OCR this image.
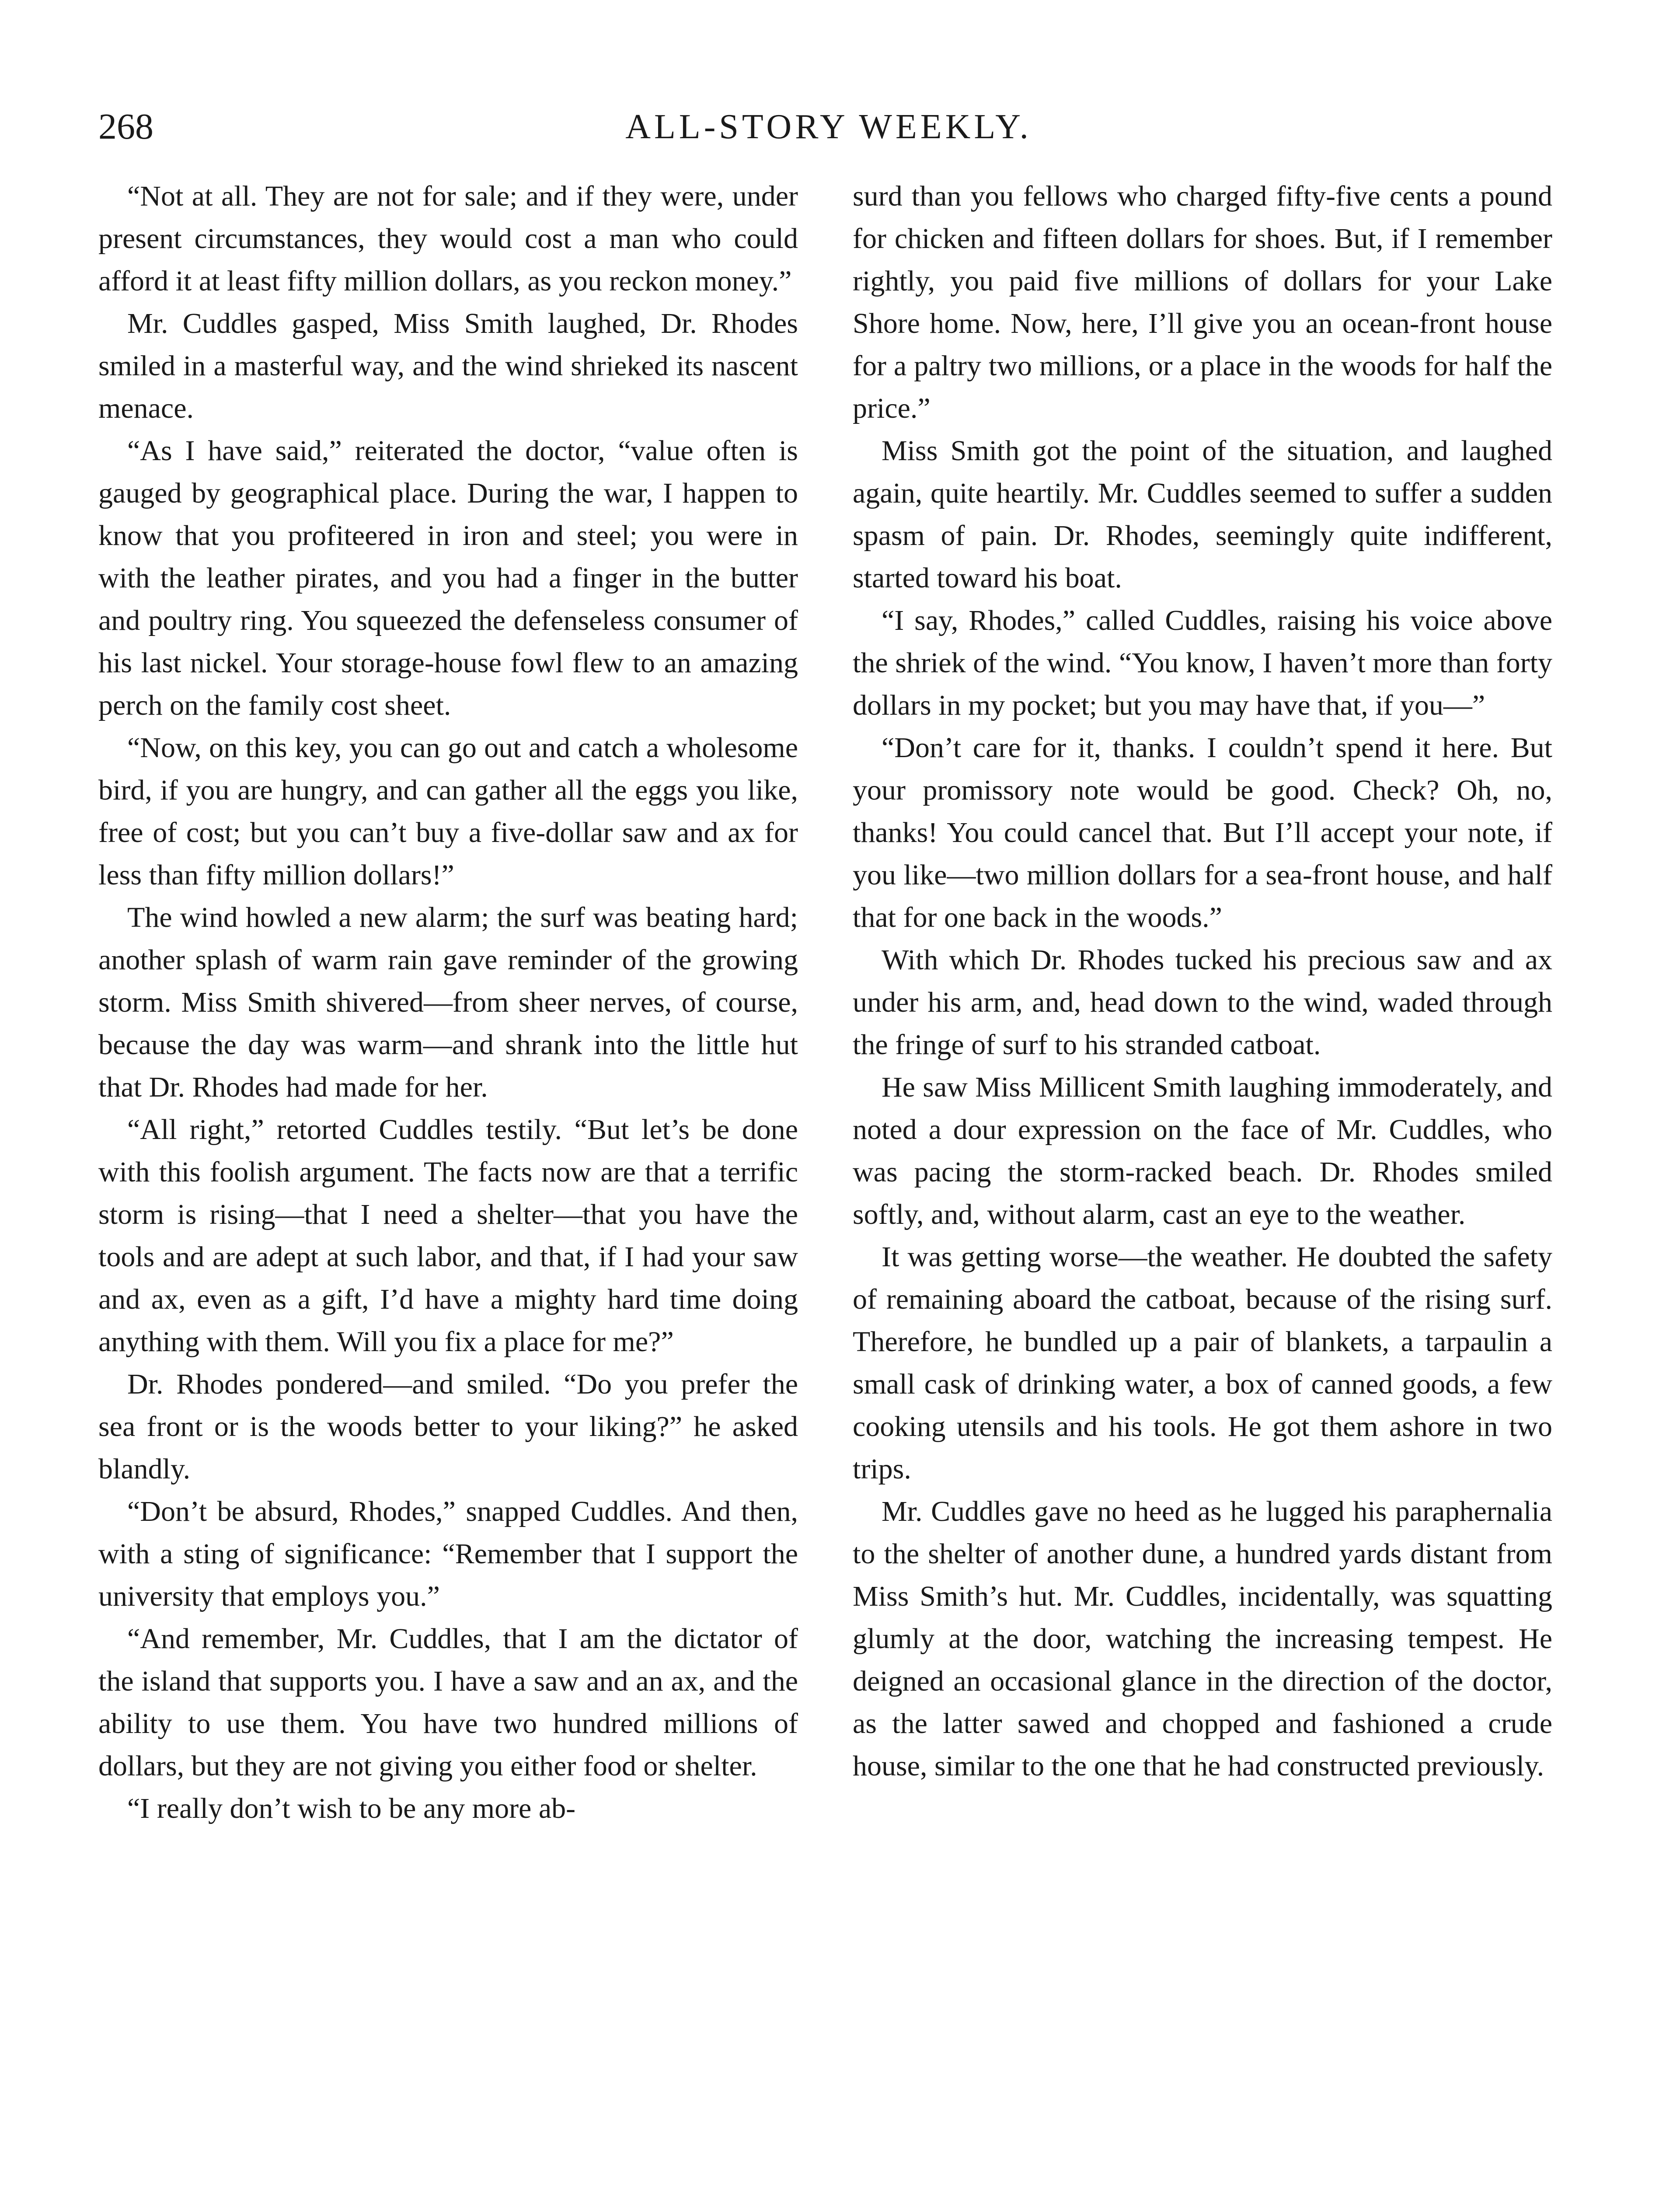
268	ALL-STORY WEEKLY.

“Not at all. They are not for sale; and if they were, under present circumstances, they would cost a man who could afford it at least fifty million dollars, as you reckon money.”

Mr. Cuddles gasped, Miss Smith laughed, Dr. Rhodes smiled in a masterful way, and the wind shrieked its nascent menace.

“As I have said,” reiterated the doctor, “value often is gauged by geographical place. During the war, I happen to know that you profiteered in iron and steel; you were in with the leather pirates, and you had a finger in the butter and poultry ring. You squeezed the defenseless consumer of his last nickel. Your storage-house fowl flew to an amazing perch on the family cost sheet.

“Now, on this key, you can go out and catch a wholesome bird, if you are hungry, and can gather all the eggs you like, free of cost; but you can’t buy a five-dollar saw and ax for less than fifty million dollars!”

The wind howled a new alarm; the surf was beating hard; another splash of warm rain gave reminder of the growing storm. Miss Smith shivered—from sheer nerves, of course, because the day was warm—and shrank into the little hut that Dr. Rhodes had made for her.

“All right,” retorted Cuddles testily. “But let’s be done with this foolish argument. The facts now are that a terrific storm is rising—that I need a shelter—that you have the tools and are adept at such labor, and that, if I had your saw and ax, even as a gift, I’d have a mighty hard time doing anything with them. Will you fix a place for me?”

Dr. Rhodes pondered—and smiled. “Do you prefer the sea front or is the woods better to your liking?” he asked blandly.

“Don’t be absurd, Rhodes,” snapped Cuddles. And then, with a sting of significance: “Remember that I support the university that employs you.”

“And remember, Mr. Cuddles, that I am the dictator of the island that supports you. I have a saw and an ax, and the ability to use them. You have two hundred millions of dollars, but they are not giving you either food or shelter.

“I really don’t wish to be any more ab-

surd than you fellows who charged fifty-five cents a pound for chicken and fifteen dollars for shoes. But, if I remember rightly, you paid five millions of dollars for your Lake Shore home. Now, here, I’ll give you an ocean-front house for a paltry two millions, or a place in the woods for half the price.”

Miss Smith got the point of the situation, and laughed again, quite heartily. Mr. Cuddles seemed to suffer a sudden spasm of pain. Dr. Rhodes, seemingly quite indifferent, started toward his boat.

“I say, Rhodes,” called Cuddles, raising his voice above the shriek of the wind. “You know, I haven’t more than forty dollars in my pocket; but you may have that, if you—”

“Don’t care for it, thanks. I couldn’t spend it here. But your promissory note would be good. Check? Oh, no, thanks! You could cancel that. But I’ll accept your note, if you like—two million dollars for a sea-front house, and half that for one back in the woods.”

With which Dr. Rhodes tucked his precious saw and ax under his arm, and, head down to the wind, waded through the fringe of surf to his stranded catboat.

He saw Miss Millicent Smith laughing immoderately, and noted a dour expression on the face of Mr. Cuddles, who was pacing the storm-racked beach. Dr. Rhodes smiled softly, and, without alarm, cast an eye to the weather.

It was getting worse—the weather. He doubted the safety of remaining aboard the catboat, because of the rising surf. Therefore, he bundled up a pair of blankets, a tarpaulin a small cask of drinking water, a box of canned goods, a few cooking utensils and his tools. He got them ashore in two trips.

Mr. Cuddles gave no heed as he lugged his paraphernalia to the shelter of another dune, a hundred yards distant from Miss Smith’s hut. Mr. Cuddles, incidentally, was squatting glumly at the door, watching the increasing tempest. He deigned an occasional glance in the direction of the doctor, as the latter sawed and chopped and fashioned a crude house, similar to the one that he had constructed previously.
